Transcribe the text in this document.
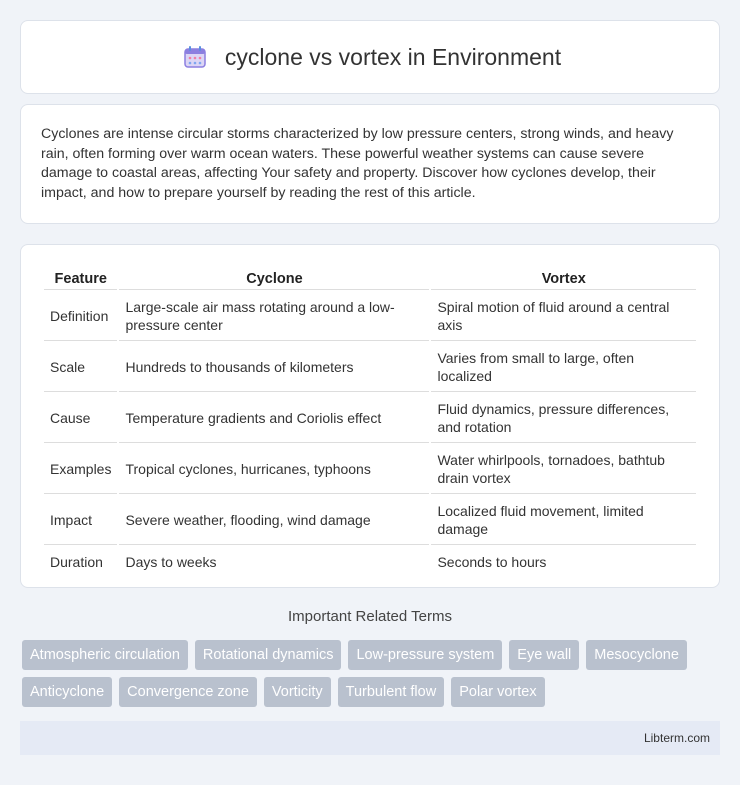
cyclone vs vortex in Environment

Cyclones are intense circular storms characterized by low pressure centers, strong winds, and heavy rain, often forming over warm ocean waters. These powerful weather systems can cause severe damage to coastal areas, affecting Your safety and property. Discover how cyclones develop, their impact, and how to prepare yourself by reading the rest of this article.

Feature	Cyclone	Vortex
Definition	Large-scale air mass rotating around a low-pressure center	Spiral motion of fluid around a central axis
Scale	Hundreds to thousands of kilometers	Varies from small to large, often localized
Cause	Temperature gradients and Coriolis effect	Fluid dynamics, pressure differences, and rotation
Examples	Tropical cyclones, hurricanes, typhoons	Water whirlpools, tornadoes, bathtub drain vortex
Impact	Severe weather, flooding, wind damage	Localized fluid movement, limited damage
Duration	Days to weeks	Seconds to hours
Important Related Terms
Atmospheric circulation	Rotational dynamics	Low-pressure system	Eye wall	Mesocyclone
Anticyclone	Convergence zone	Vorticity	Turbulent flow	Polar vortex
Libterm.com
